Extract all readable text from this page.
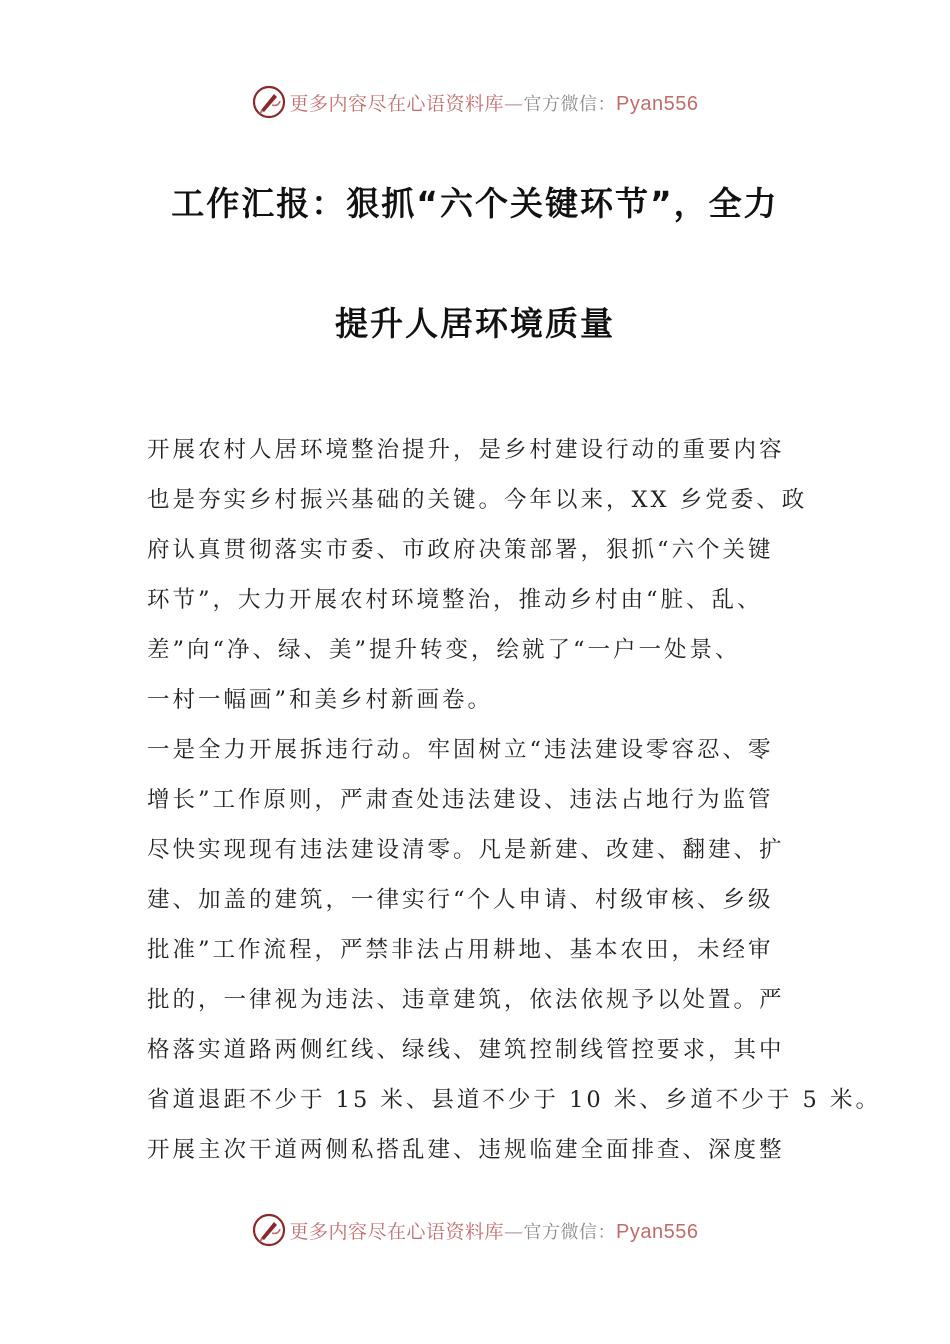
更多内容尽在心语资料库—官方微信：Pyan556
工作汇报：狠抓“六个关键环节”，全力
提升人居环境质量
开展农村人居环境整治提升，是乡村建设行动的重要内容
也是夯实乡村振兴基础的关键。今年以来，XX 乡党委、政
府认真贯彻落实市委、市政府决策部署，狠抓“六个关键
环节”，大力开展农村环境整治，推动乡村由“脏、乱、
差”向“净、绿、美”提升转变，绘就了“一户一处景、
一村一幅画”和美乡村新画卷。
一是全力开展拆违行动。牢固树立“违法建设零容忍、零
增长”工作原则，严肃查处违法建设、违法占地行为监管
尽快实现现有违法建设清零。凡是新建、改建、翻建、扩
建、加盖的建筑，一律实行“个人申请、村级审核、乡级
批准”工作流程，严禁非法占用耕地、基本农田，未经审
批的，一律视为违法、违章建筑，依法依规予以处置。严
格落实道路两侧红线、绿线、建筑控制线管控要求，其中
省道退距不少于 15 米、县道不少于 10 米、乡道不少于 5 米。
开展主次干道两侧私搭乱建、违规临建全面排查、深度整
更多内容尽在心语资料库—官方微信：Pyan556
